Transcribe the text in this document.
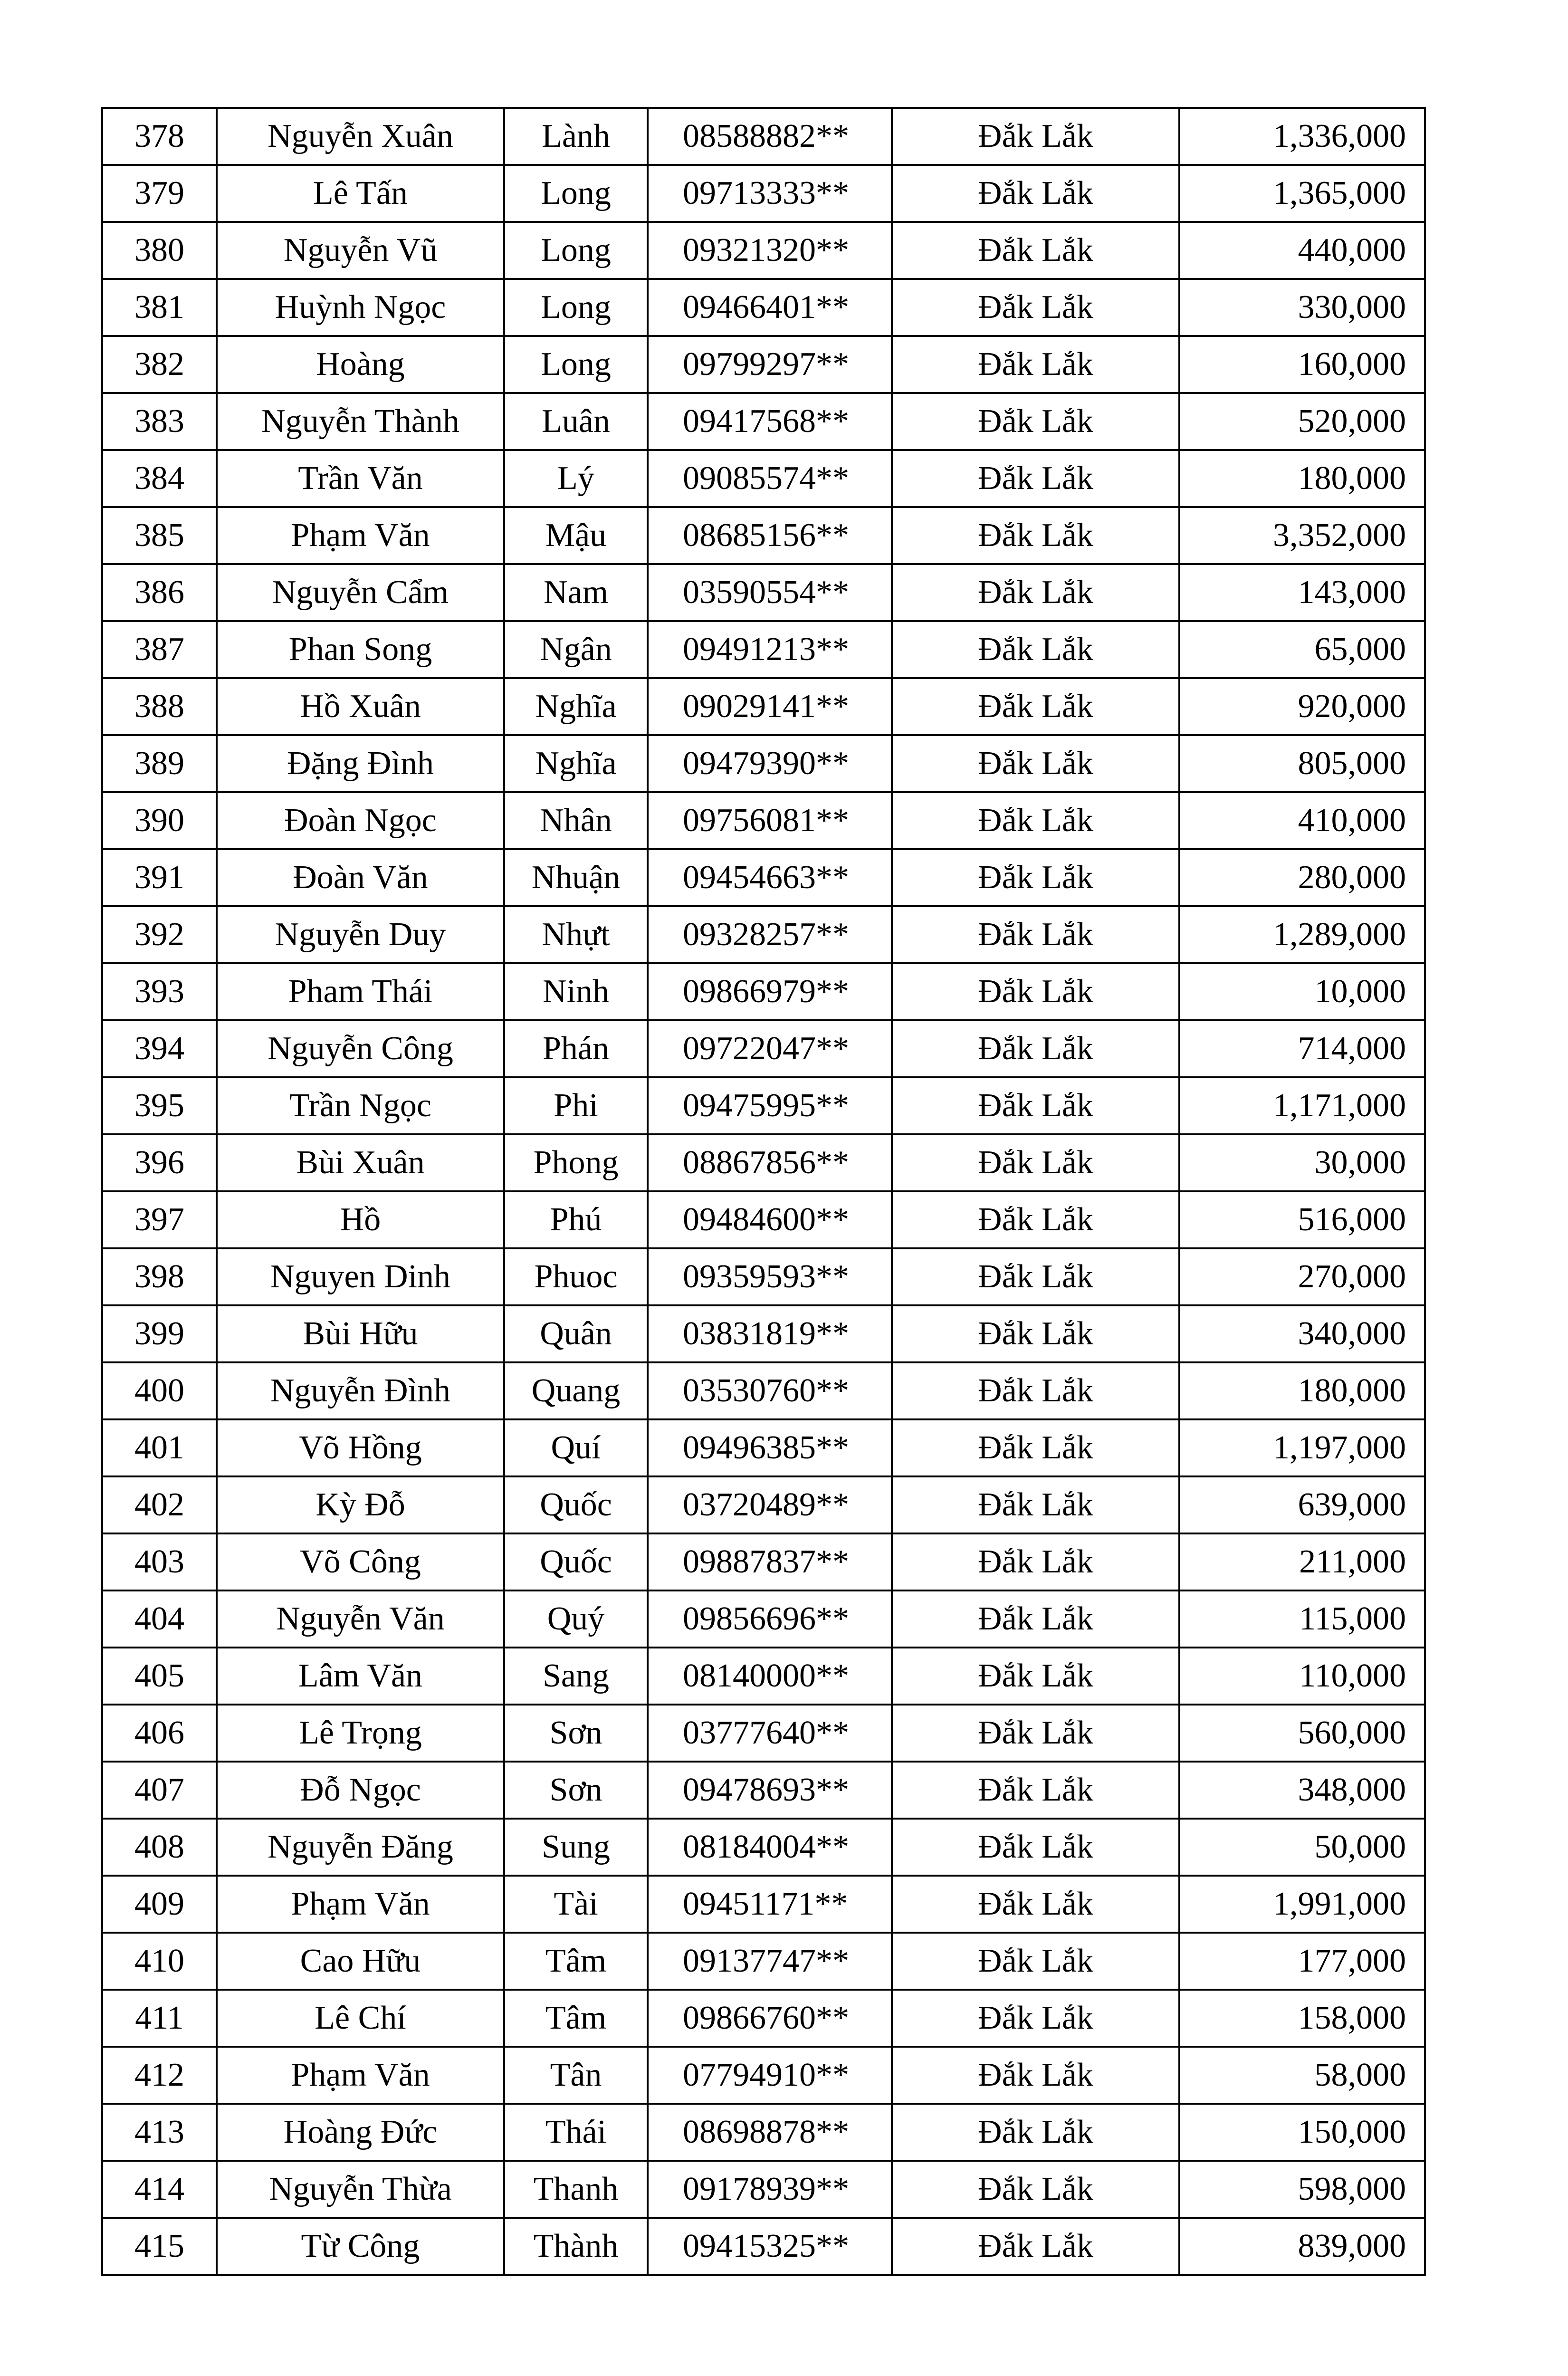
378	Nguyễn Xuân	Lành	08588882**	Đắk Lắk	1,336,000
379	Lê Tấn	Long	09713333**	Đắk Lắk	1,365,000
380	Nguyễn Vũ	Long	09321320**	Đắk Lắk	440,000
381	Huỳnh Ngọc	Long	09466401**	Đắk Lắk	330,000
382	Hoàng	Long	09799297**	Đắk Lắk	160,000
383	Nguyễn Thành	Luân	09417568**	Đắk Lắk	520,000
384	Trần Văn	Lý	09085574**	Đắk Lắk	180,000
385	Phạm Văn	Mậu	08685156**	Đắk Lắk	3,352,000
386	Nguyễn Cẩm	Nam	03590554**	Đắk Lắk	143,000
387	Phan Song	Ngân	09491213**	Đắk Lắk	65,000
388	Hồ Xuân	Nghĩa	09029141**	Đắk Lắk	920,000
389	Đặng Đình	Nghĩa	09479390**	Đắk Lắk	805,000
390	Đoàn Ngọc	Nhân	09756081**	Đắk Lắk	410,000
391	Đoàn Văn	Nhuận	09454663**	Đắk Lắk	280,000
392	Nguyễn Duy	Nhựt	09328257**	Đắk Lắk	1,289,000
393	Pham Thái	Ninh	09866979**	Đắk Lắk	10,000
394	Nguyễn Công	Phán	09722047**	Đắk Lắk	714,000
395	Trần Ngọc	Phi	09475995**	Đắk Lắk	1,171,000
396	Bùi Xuân	Phong	08867856**	Đắk Lắk	30,000
397	Hồ	Phú	09484600**	Đắk Lắk	516,000
398	Nguyen Dinh	Phuoc	09359593**	Đắk Lắk	270,000
399	Bùi Hữu	Quân	03831819**	Đắk Lắk	340,000
400	Nguyễn Đình	Quang	03530760**	Đắk Lắk	180,000
401	Võ Hồng	Quí	09496385**	Đắk Lắk	1,197,000
402	Kỳ Đỗ	Quốc	03720489**	Đắk Lắk	639,000
403	Võ Công	Quốc	09887837**	Đắk Lắk	211,000
404	Nguyễn Văn	Quý	09856696**	Đắk Lắk	115,000
405	Lâm Văn	Sang	08140000**	Đắk Lắk	110,000
406	Lê Trọng	Sơn	03777640**	Đắk Lắk	560,000
407	Đỗ Ngọc	Sơn	09478693**	Đắk Lắk	348,000
408	Nguyễn Đăng	Sung	08184004**	Đắk Lắk	50,000
409	Phạm Văn	Tài	09451171**	Đắk Lắk	1,991,000
410	Cao Hữu	Tâm	09137747**	Đắk Lắk	177,000
411	Lê Chí	Tâm	09866760**	Đắk Lắk	158,000
412	Phạm Văn	Tân	07794910**	Đắk Lắk	58,000
413	Hoàng Đức	Thái	08698878**	Đắk Lắk	150,000
414	Nguyễn Thừa	Thanh	09178939**	Đắk Lắk	598,000
415	Từ Công	Thành	09415325**	Đắk Lắk	839,000
